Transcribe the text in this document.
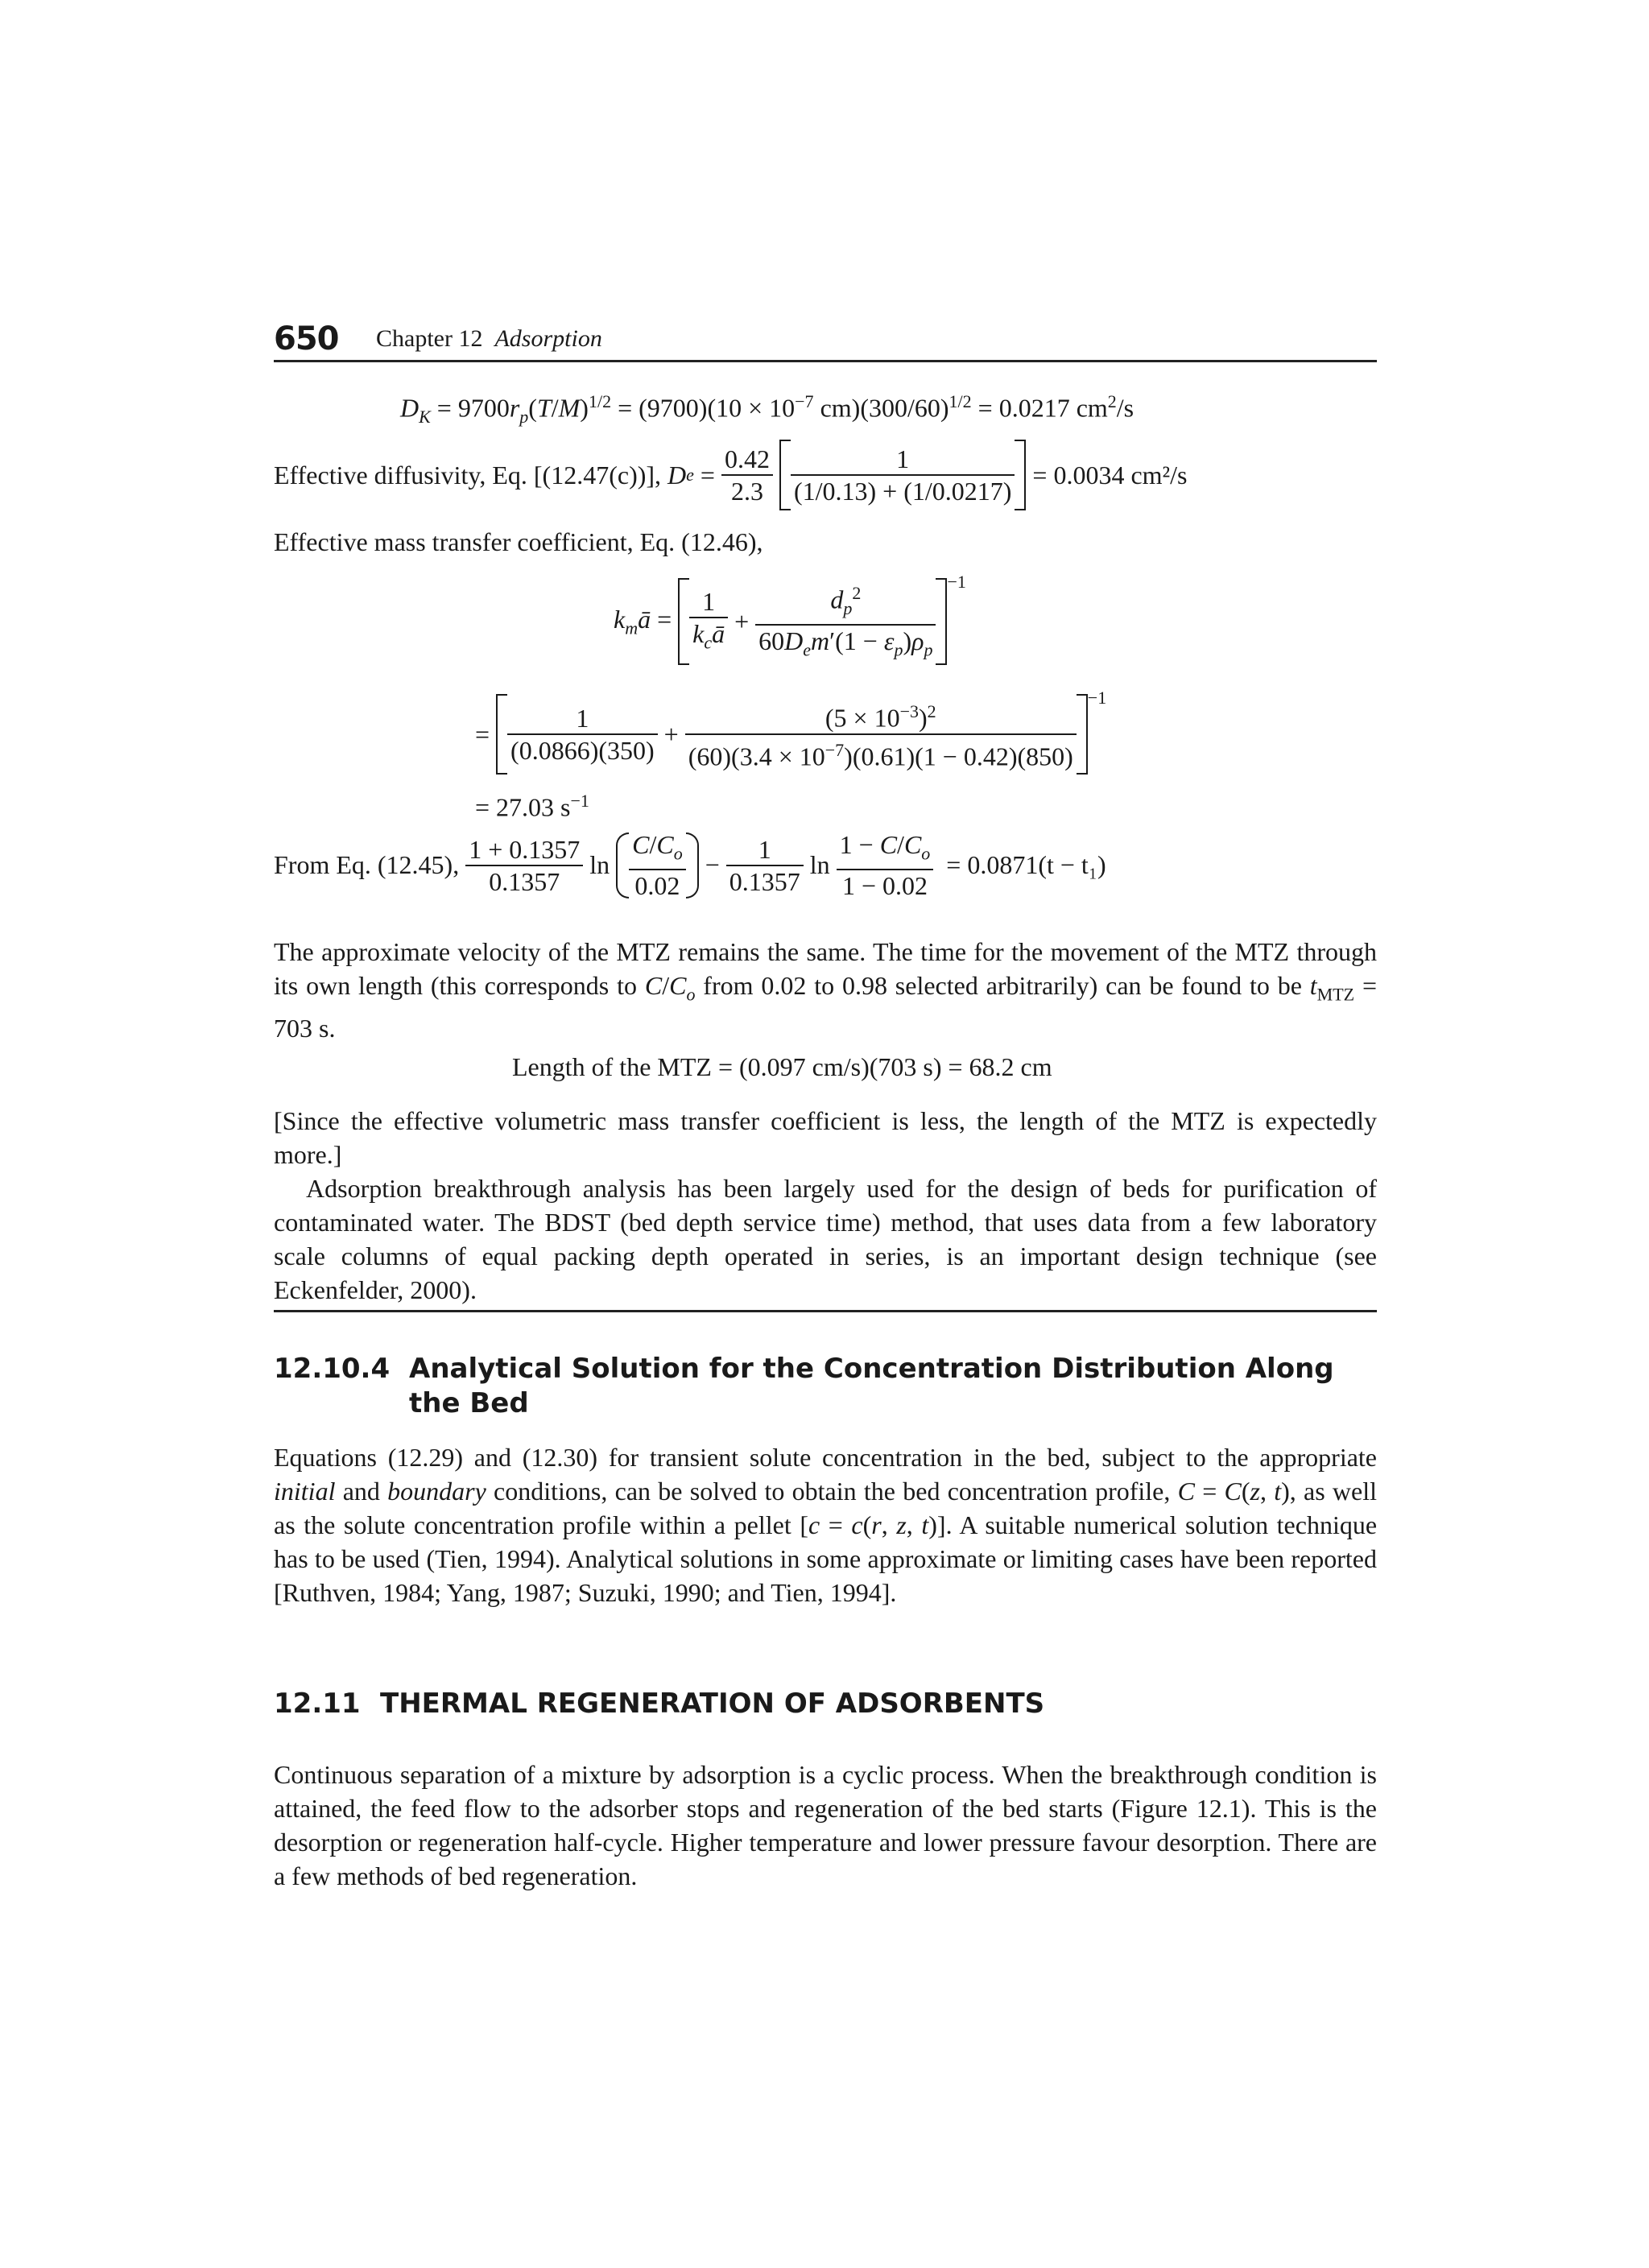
650 Chapter 12 Adsorption
$D_K = 9700r_p(T/M)^{1/2} = (9700)(10 \times 10^{-7}$ $cm)(300/60)^{1/2} = 0.0217$ $cm^2/s$
Effective diffusivity, Eq. [(12.47(c))],
D $e = \frac{0.42}{2.3} \frac{1}{(1/0.13) + (1/0.0217)}$
= 0.0034 cm²/s
Effective mass transfer coefficient, Eq. (12.46),
$k_mā = \frac{1}{k_cā} + \frac{d_p^2}{60D_em'(1 - \varepsilon_p)\rho_p} ^{-1}$
= $\frac{1}{(0.0866)(350)} + \frac{(5 \times 10^{-3})^2}{(60)(3.4 \times 10^{-7})(0.61)(1 - 0.42)(850)} ^{-1}$
= 27.03 $s^{-1}$
From Eq. (12.45),
$\frac{1 + 0.1357}{0.1357}$ $\ln \frac{C/C_o}{0.02} - \frac{1}{0.1357}$ $\ln \frac{1 - C/C_o}{1 - 0.02}$
= 0.0871(t − t₁)
The approximate velocity of the MTZ remains the same. The time for the movement of the MTZ through its own length (this corresponds to $C/C_o$ from 0.02 to 0.98 selected arbitrarily) can be found to be $t_{MTZ} = 703$ s.
Length of the MTZ = (0.097 cm/s)(703 s) = 68.2 cm
[Since the effective volumetric mass transfer coefficient is less, the length of the MTZ is expectedly more.]
Adsorption breakthrough analysis has been largely used for the design of beds for purification of contaminated water. The BDST (bed depth service time) method, that uses data from a few laboratory scale columns of equal packing depth operated in series, is an important design technique (see Eckenfelder, 2000).
12.10.4 Analytical Solution for the Concentration Distribution Along
the Bed
Equations (12.29) and (12.30) for transient solute concentration in the bed, subject to the appropriate initial and boundary conditions, can be solved to obtain the bed concentration profile, C = C(z, t), as well as the solute concentration profile within a pellet [c = c(r, z, t)]. A suitable numerical solution technique has to be used (Tien, 1994). Analytical solutions in some approximate or limiting cases have been reported [Ruthven, 1984; Yang, 1987; Suzuki, 1990; and Tien, 1994].
12.11 THERMAL REGENERATION OF ADSORBENTS
Continuous separation of a mixture by adsorption is a cyclic process. When the breakthrough condition is attained, the feed flow to the adsorber stops and regeneration of the bed starts (Figure 12.1). This is the desorption or regeneration half-cycle. Higher temperature and lower pressure favour desorption. There are a few methods of bed regeneration.
